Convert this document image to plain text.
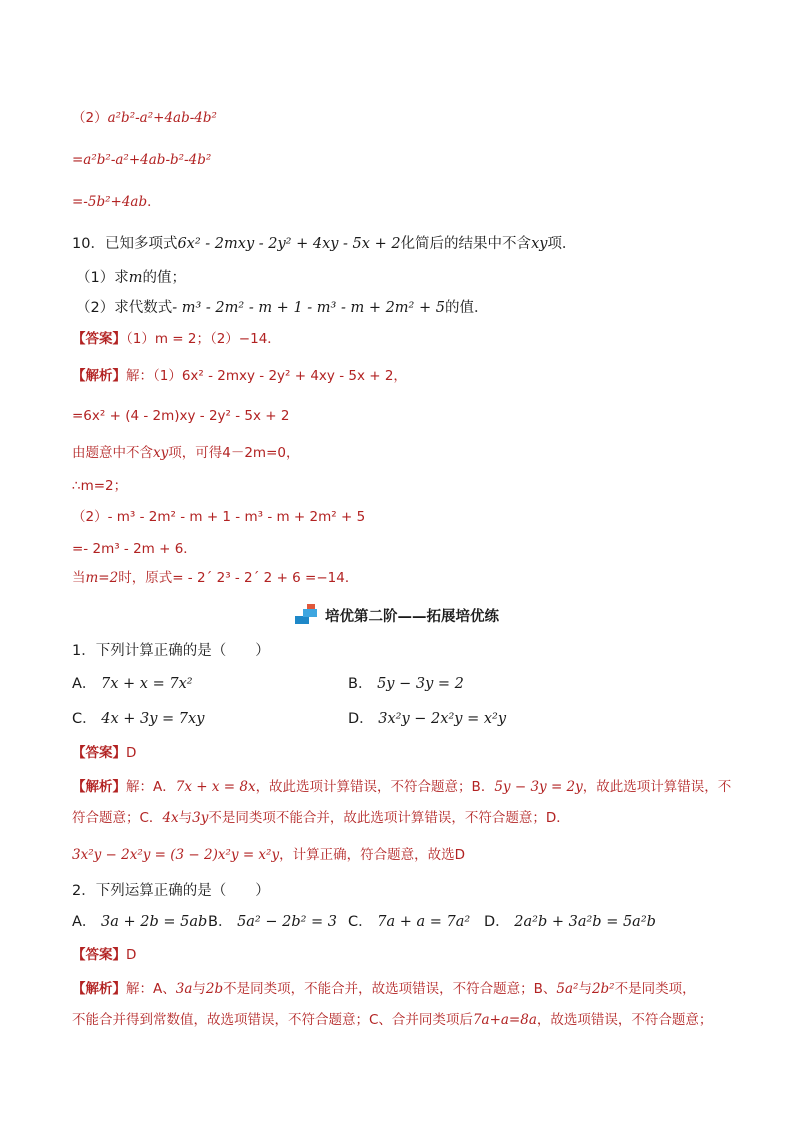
（2）a²b²-a²+4ab-4b²
=a²b²-a²+4ab-b²-4b²
=-5b²+4ab．
10．已知多项式6x² - 2mxy - 2y² + 4xy - 5x + 2化简后的结果中不含xy项．
（1）求m的值；
（2）求代数式- m³ - 2m² - m + 1 - m³ - m + 2m² + 5的值．
【答案】（1）m = 2；（2）−14．
【解析】解：（1）6x² - 2mxy - 2y² + 4xy - 5x + 2，
=6x² + (4 - 2m)xy - 2y² - 5x + 2
由题意中不含xy项，可得4－2m=0，
∴m=2；
（2）- m³ - 2m² - m + 1 - m³ - m + 2m² + 5
=- 2m³ - 2m + 6．
当m=2时，原式= - 2´ 2³ - 2´ 2 + 6 =−14．
培优第二阶——拓展培优练
1．下列计算正确的是（　　）
A． 7x + x = 7x²	B． 5y − 3y = 2
C． 4x + 3y = 7xy	D． 3x²y − 2x²y = x²y
【答案】D
【解析】解：A．7x + x = 8x，故此选项计算错误，不符合题意；B．5y − 3y = 2y，故此选项计算错误，不
符合题意；C．4x与3y不是同类项不能合并，故此选项计算错误，不符合题意；D．
3x²y − 2x²y = (3 − 2)x²y = x²y，计算正确，符合题意，故选D
2．下列运算正确的是（　　）
A． 3a + 2b = 5ab B． 5a² − 2b² = 3 C． 7a + a = 7a² D． 2a²b + 3a²b = 5a²b
【答案】D
【解析】解：A、3a与2b不是同类项，不能合并，故选项错误，不符合题意；B、5a²与2b²不是同类项，
不能合并得到常数值，故选项错误，不符合题意；C、合并同类项后7a+a=8a，故选项错误，不符合题意；
